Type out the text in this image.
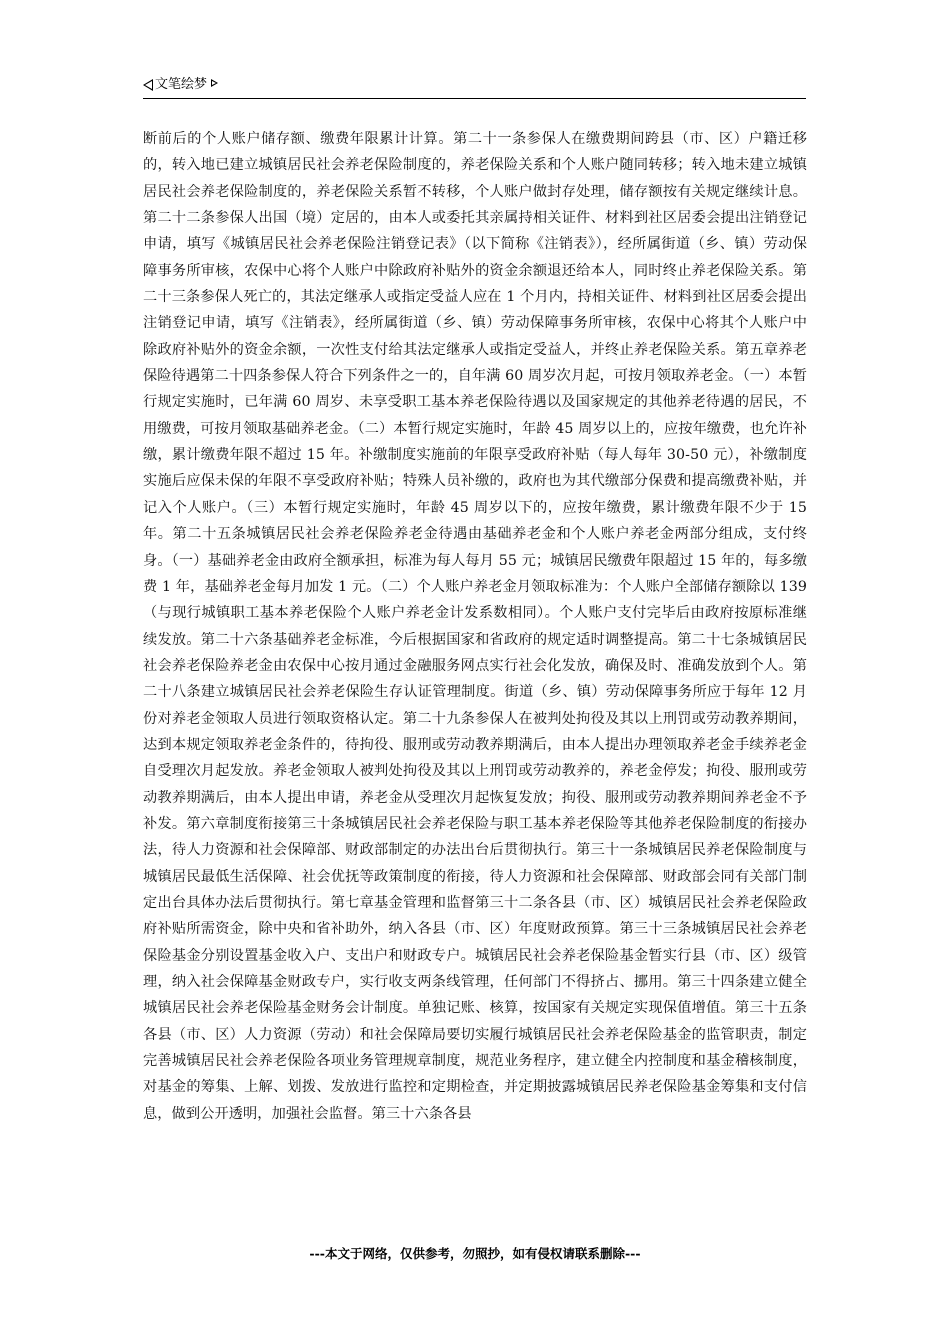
文笔绘梦

断前后的个人账户储存额、缴费年限累计计算。第二十一条参保人在缴费期间跨县（市、区）户籍迁移的，转入地已建立城镇居民社会养老保险制度的，养老保险关系和个人账户随同转移；转入地未建立城镇居民社会养老保险制度的，养老保险关系暂不转移，个人账户做封存处理，储存额按有关规定继续计息。第二十二条参保人出国（境）定居的，由本人或委托其亲属持相关证件、材料到社区居委会提出注销登记申请，填写《城镇居民社会养老保险注销登记表》（以下简称《注销表》），经所属街道（乡、镇）劳动保障事务所审核，农保中心将个人账户中除政府补贴外的资金余额退还给本人，同时终止养老保险关系。第二十三条参保人死亡的，其法定继承人或指定受益人应在 1 个月内，持相关证件、材料到社区居委会提出注销登记申请，填写《注销表》，经所属街道（乡、镇）劳动保障事务所审核，农保中心将其个人账户中除政府补贴外的资金余额，一次性支付给其法定继承人或指定受益人，并终止养老保险关系。第五章养老保险待遇第二十四条参保人符合下列条件之一的，自年满 60 周岁次月起，可按月领取养老金。（一）本暂行规定实施时，已年满 60 周岁、未享受职工基本养老保险待遇以及国家规定的其他养老待遇的居民，不用缴费，可按月领取基础养老金。（二）本暂行规定实施时，年龄 45 周岁以上的，应按年缴费，也允许补缴，累计缴费年限不超过 15 年。补缴制度实施前的年限享受政府补贴（每人每年 30-50 元），补缴制度实施后应保未保的年限不享受政府补贴；特殊人员补缴的，政府也为其代缴部分保费和提高缴费补贴，并记入个人账户。（三）本暂行规定实施时，年龄 45 周岁以下的，应按年缴费，累计缴费年限不少于 15 年。第二十五条城镇居民社会养老保险养老金待遇由基础养老金和个人账户养老金两部分组成，支付终身。（一）基础养老金由政府全额承担，标准为每人每月 55 元；城镇居民缴费年限超过 15 年的，每多缴费 1 年，基础养老金每月加发 1 元。（二）个人账户养老金月领取标准为：个人账户全部储存额除以 139（与现行城镇职工基本养老保险个人账户养老金计发系数相同）。个人账户支付完毕后由政府按原标准继续发放。第二十六条基础养老金标准，今后根据国家和省政府的规定适时调整提高。第二十七条城镇居民社会养老保险养老金由农保中心按月通过金融服务网点实行社会化发放，确保及时、准确发放到个人。第二十八条建立城镇居民社会养老保险生存认证管理制度。街道（乡、镇）劳动保障事务所应于每年 12 月份对养老金领取人员进行领取资格认定。第二十九条参保人在被判处拘役及其以上刑罚或劳动教养期间，达到本规定领取养老金条件的，待拘役、服刑或劳动教养期满后，由本人提出办理领取养老金手续养老金自受理次月起发放。养老金领取人被判处拘役及其以上刑罚或劳动教养的，养老金停发；拘役、服刑或劳动教养期满后，由本人提出申请，养老金从受理次月起恢复发放；拘役、服刑或劳动教养期间养老金不予补发。第六章制度衔接第三十条城镇居民社会养老保险与职工基本养老保险等其他养老保险制度的衔接办法，待人力资源和社会保障部、财政部制定的办法出台后贯彻执行。第三十一条城镇居民养老保险制度与城镇居民最低生活保障、社会优抚等政策制度的衔接，待人力资源和社会保障部、财政部会同有关部门制定出台具体办法后贯彻执行。第七章基金管理和监督第三十二条各县（市、区）城镇居民社会养老保险政府补贴所需资金，除中央和省补助外，纳入各县（市、区）年度财政预算。第三十三条城镇居民社会养老保险基金分别设置基金收入户、支出户和财政专户。城镇居民社会养老保险基金暂实行县（市、区）级管理，纳入社会保障基金财政专户，实行收支两条线管理，任何部门不得挤占、挪用。第三十四条建立健全城镇居民社会养老保险基金财务会计制度。单独记账、核算，按国家有关规定实现保值增值。第三十五条各县（市、区）人力资源（劳动）和社会保障局要切实履行城镇居民社会养老保险基金的监管职责，制定完善城镇居民社会养老保险各项业务管理规章制度，规范业务程序，建立健全内控制度和基金稽核制度，对基金的筹集、上解、划拨、发放进行监控和定期检查，并定期披露城镇居民养老保险基金筹集和支付信息，做到公开透明，加强社会监督。第三十六条各县

---本文于网络，仅供参考，勿照抄，如有侵权请联系删除---
